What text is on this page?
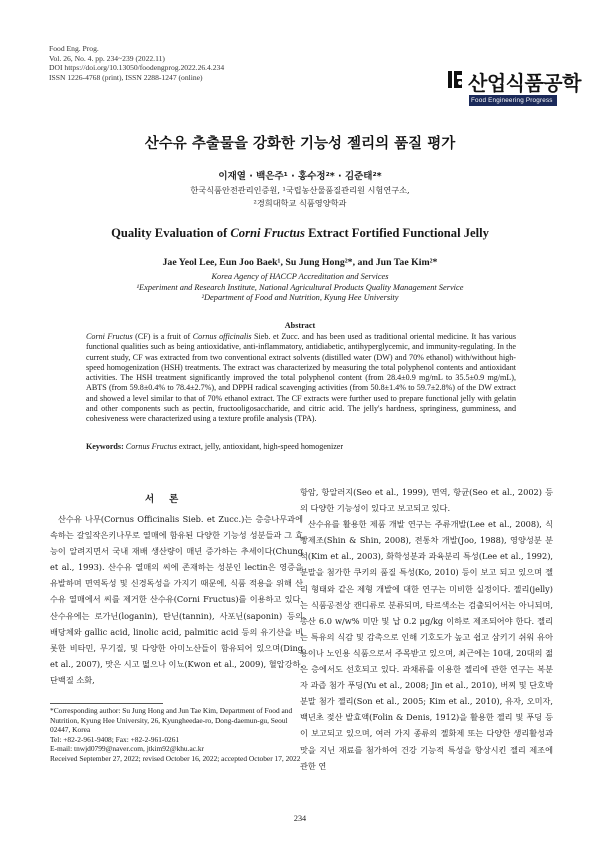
Food Eng. Prog.
Vol. 26, No. 4. pp. 234~239 (2022.11)
DOI https://doi.org/10.13050/foodengprog.2022.26.4.234
ISSN 1226-4768 (print), ISSN 2288-1247 (online)	산업식품공학
Food Engineering Progress
산수유 추출물을 강화한 기능성 젤리의 품질 평가
이재열 · 백은주¹ · 홍수정²* · 김준태²*
한국식품안전관리인증원, ¹국립농산물품질관리원 시험연구소,
²경희대학교 식품영양학과
Quality Evaluation of Corni Fructus Extract Fortified Functional Jelly
Jae Yeol Lee, Eun Joo Baek¹, Su Jung Hong²*, and Jun Tae Kim²*
Korea Agency of HACCP Accreditation and Services
¹Experiment and Research Institute, National Agricultural Products Quality Management Service
²Department of Food and Nutrition, Kyung Hee University
Abstract
Corni Fructus (CF) is a fruit of Cornus officinalis Sieb. et Zucc. and has been used as traditional oriental medicine. It has various functional qualities such as being antioxidative, anti-inflammatory, antidiabetic, antihyperglycemic, and immunity-regulating. In the current study, CF was extracted from two conventional extract solvents (distilled water (DW) and 70% ethanol) with/without high-speed homogenization (HSH) treatments. The extract was characterized by measuring the total polyphenol contents and antioxidant activities. The HSH treatment significantly improved the total polyphenol content (from 28.4±0.9 mg/mL to 35.5±0.9 mg/mL), ABTS (from 59.8±0.4% to 78.4±2.7%), and DPPH radical scavenging activities (from 50.8±1.4% to 59.7±2.8%) of the DW extract and showed a level similar to that of 70% ethanol extract. The CF extracts were further used to prepare functional jelly with gelatin and other components such as pectin, fructooligosaccharide, and citric acid. The jelly's hardness, springiness, gumminess, and cohesiveness were characterized using a texture profile analysis (TPA).
Keywords: Cornus Fructus extract, jelly, antioxidant, high-speed homogenizer
서론

산수유 나무(Cornus Officinalis Sieb. et Zucc.)는 층층나무과에 속하는 갈잎작은키나무로 열매에 함유된 다양한 기능성 성분들과 그 효능이 알려지면서 국내 재배 생산량이 매년 증가하는 추세이다(Chung et al., 1993). 산수유 열매의 씨에 존재하는 성분인 lectin은 영증을 유발하며 면역독성 및 신경독성을 가지기 때문에, 식품 적용을 위해 산수유 열매에서 씨를 제거한 산수유(Corni Fructus)를 이용하고 있다. 산수유에는 로가닌(loganin), 탄닌(tannin), 사포닌(saponin) 등의 배당체와 gallic acid, linolic acid, palmitic acid 등의 유기산을 비롯한 비타민, 무기질, 및 다양한 아미노산들이 함유되어 있으며(Ding et al., 2007), 맛은 시고 떫으나 이뇨(Kwon et al., 2009), 혈압강하, 단백질 소화,

항암, 항알러지(Seo et al., 1999), 면역, 항균(Seo et al., 2002) 등의 다양한 기능성이 있다고 보고되고 있다.

산수유를 활용한 제품 개발 연구는 주류개발(Lee et al., 2008), 식빵제조(Shin & Shin, 2008), 전통차 개발(Joo, 1988), 영양성분 분석(Kim et al., 2003), 화학성분과 과육분리 특성(Lee et al., 1992), 분말을 첨가한 쿠키의 품질 특성(Ko, 2010) 등이 보고 되고 있으며 젤리 형태와 같은 제형 개발에 대한 연구는 미비한 실정이다. 젤리(jelly)는 식품공전상 캔디류로 분류되며, 타르색소는 검출되어서는 아니되며, 총산 6.0 w/w% 미만 및 납 0.2 μg/kg 이하로 제조되어야 한다. 젤리는 특유의 식감 및 감촉으로 인해 기호도가 높고 쉽고 삼키기 쉬워 유아용이나 노인용 식품으로서 주목받고 있으며, 최근에는 10대, 20대의 젊은 층에서도 선호되고 있다. 과채류를 이용한 젤리에 관한 연구는 복분자 과즙 첨가 푸딩(Yu et al., 2008; Jin et al., 2010), 버찌 및 단호박 분말 첨가 젤리(Son et al., 2005; Kim et al., 2010), 유자, 오미자, 백년초 젖산 발효액(Folin & Denis, 1912)을 활용한 젤리 및 푸딩 등이 보고되고 있으며, 여러 가지 종류의 젤화제 또는 다양한 생리활성과 맛을 지닌 재료를 첨가하여 건강 기능적 특성을 향상시킨 젤리 제조에 관한 연

*Corresponding author: Su Jung Hong and Jun Tae Kim, Department of Food and Nutrition, Kyung Hee University, 26, Kyungheedae-ro, Dong-daemun-gu, Seoul 02447, Korea
Tel: +82-2-961-9408; Fax: +82-2-961-0261
E-mail: tnwjd0799@naver.com, jtkim92@khu.ac.kr
Received September 27, 2022; revised October 16, 2022; accepted October 17, 2022
234
